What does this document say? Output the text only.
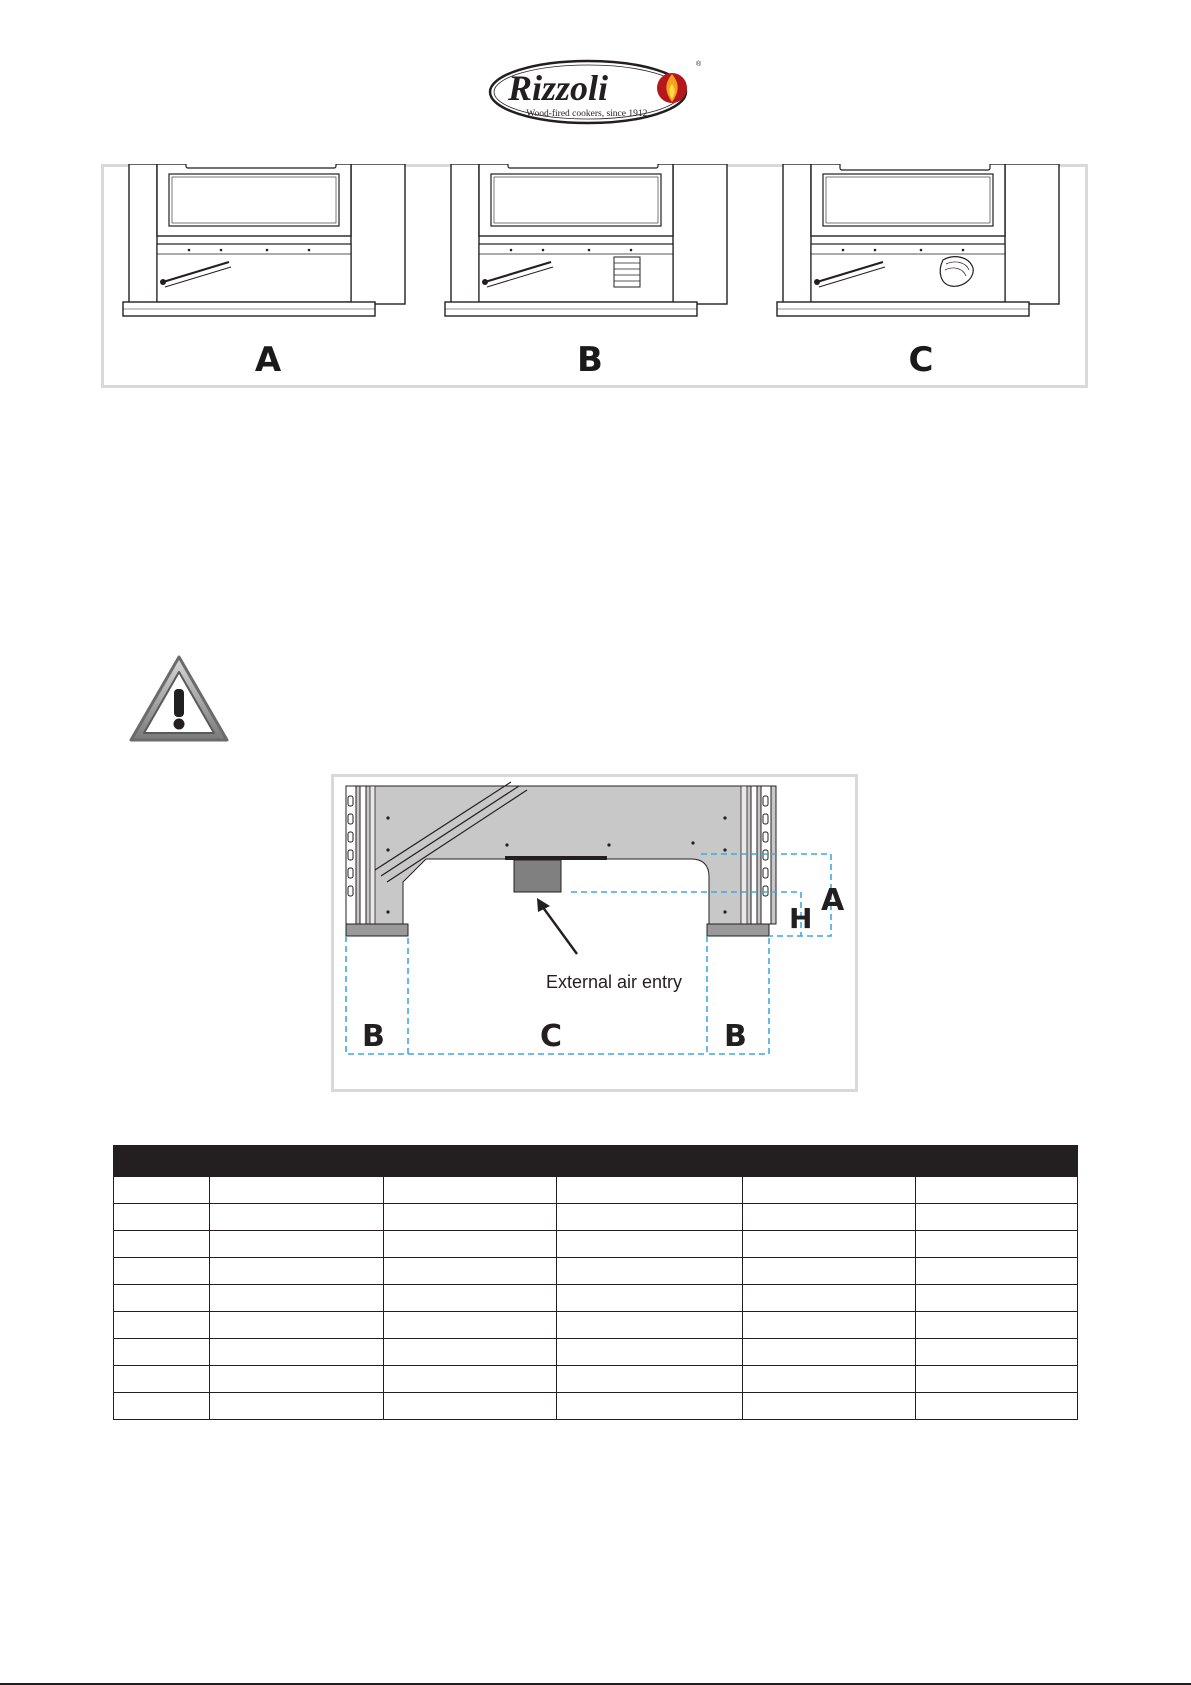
Rizzoli
®
Wood-fired cookers, since 1912.
A	B	C
External air entry
A
H
B	C	B
